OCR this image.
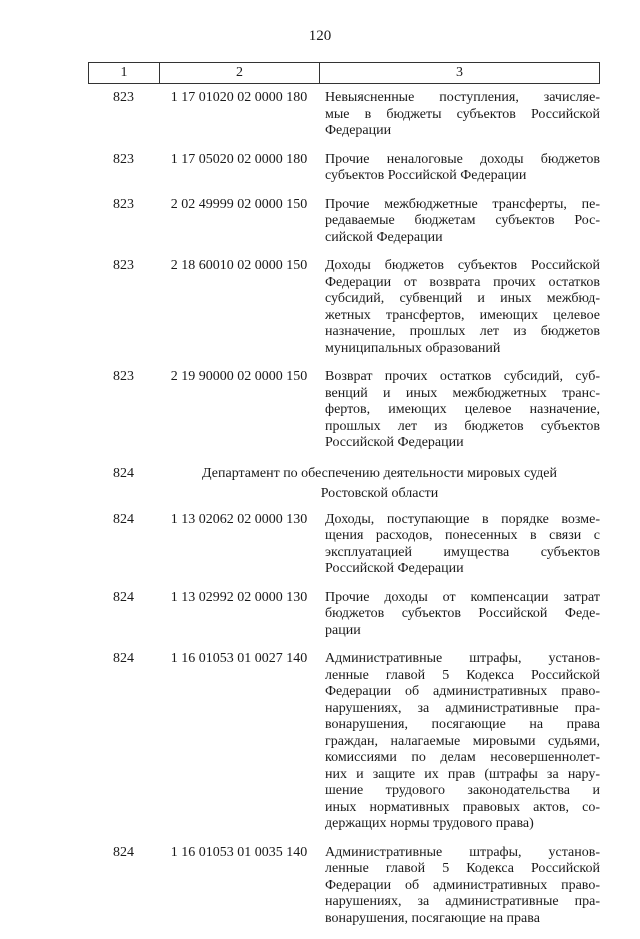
120
1	2	3
823	1 17 01020 02 0000 180	Невыясненные поступления, зачисляе-
мые в бюджеты субъектов Российской
Федерации
823	1 17 05020 02 0000 180	Прочие неналоговые доходы бюджетов
субъектов Российской Федерации
823	2 02 49999 02 0000 150	Прочие межбюджетные трансферты, пе-
редаваемые бюджетам субъектов Рос-
сийской Федерации
823	2 18 60010 02 0000 150	Доходы бюджетов субъектов Российской
Федерации от возврата прочих остатков
субсидий, субвенций и иных межбюд-
жетных трансфертов, имеющих целевое
назначение, прошлых лет из бюджетов
муниципальных образований
823	2 19 90000 02 0000 150	Возврат прочих остатков субсидий, суб-
венций и иных межбюджетных транс-
фертов, имеющих целевое назначение,
прошлых лет из бюджетов субъектов
Российской Федерации
824	Департамент по обеспечению деятельности мировых судей
Ростовской области
824	1 13 02062 02 0000 130	Доходы, поступающие в порядке возме-
щения расходов, понесенных в связи с
эксплуатацией имущества субъектов
Российской Федерации
824	1 13 02992 02 0000 130	Прочие доходы от компенсации затрат
бюджетов субъектов Российской Феде-
рации
824	1 16 01053 01 0027 140	Административные штрафы, установ-
ленные главой 5 Кодекса Российской
Федерации об административных право-
нарушениях, за административные пра-
вонарушения, посягающие на права
граждан, налагаемые мировыми судьями,
комиссиями по делам несовершеннолет-
них и защите их прав (штрафы за нару-
шение трудового законодательства и
иных нормативных правовых актов, со-
держащих нормы трудового права)
824	1 16 01053 01 0035 140	Административные штрафы, установ-
ленные главой 5 Кодекса Российской
Федерации об административных право-
нарушениях, за административные пра-
вонарушения, посягающие на права
